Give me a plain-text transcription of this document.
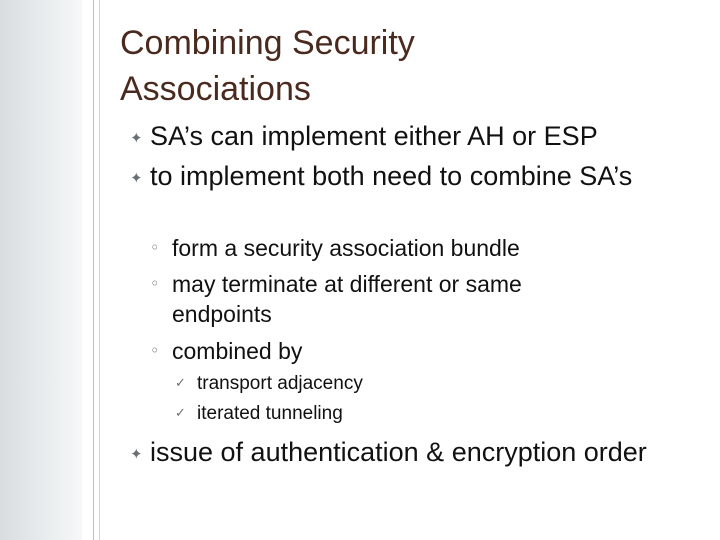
Combining Security
Associations
✦ SA’s can implement either AH or ESP
✦ to implement both need to combine SA’s
◦ form a security association bundle
◦ may terminate at different or same endpoints
◦ combined by
✓ transport adjacency
✓ iterated tunneling
✦ issue of authentication & encryption order
